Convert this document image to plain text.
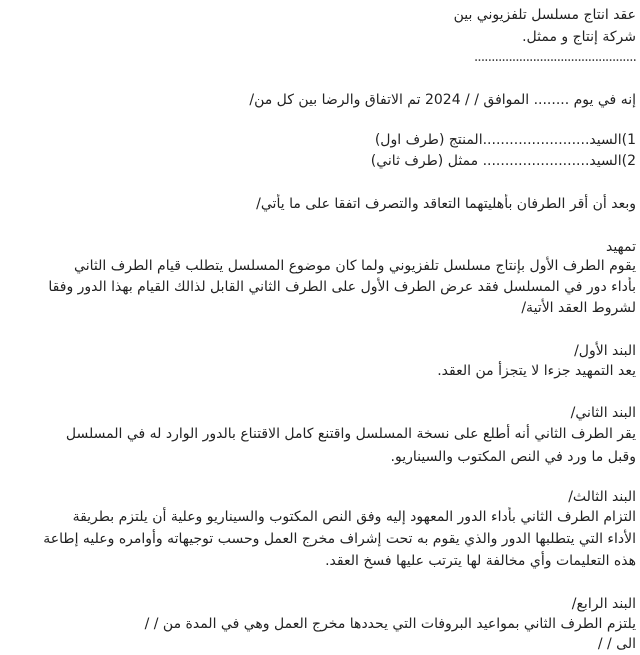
عقد انتاج مسلسل تلفزيوني بين
شركة إنتاج و ممثل.
...............................................
إنه في يوم ........ الموافق / / 2024 تم الاتفاق والرضا بين كل من/
1)السيد........................المنتج (طرف اول)
2)السيد........................ ممثل (طرف ثاني)
وبعد أن أقر الطرفان بأهليتهما التعاقد والتصرف اتفقا على ما يأتي/
تمهيد
يقوم الطرف الأول بإنتاج مسلسل تلفزيوني ولما كان موضوع المسلسل يتطلب قيام الطرف الثاني
بأداء دور في المسلسل فقد عرض الطرف الأول على الطرف الثاني القابل لذالك القيام بهذا الدور وفقا
لشروط العقد الأتية/
البند الأول/
يعد التمهيد جزءا لا يتجزأ من العقد.
البند الثاني/
يقر الطرف الثاني أنه أطلع على نسخة المسلسل واقتنع كامل الاقتناع بالدور الوارد له في المسلسل
وقبل ما ورد في النص المكتوب والسيناريو.
البند الثالث/
التزام الطرف الثاني بأداء الدور المعهود إليه وفق النص المكتوب والسيناريو وعلية أن يلتزم بطريقة
الأداء التي يتطلبها الدور والذي يقوم به تحت إشراف مخرج العمل وحسب توجيهاته وأوامره وعليه إطاعة
هذه التعليمات وأي مخالفة لها يترتب عليها فسخ العقد.
البند الرابع/
يلتزم الطرف الثاني بمواعيد البروفات التي يحددها مخرج العمل وهي في المدة من / /
الى / /
